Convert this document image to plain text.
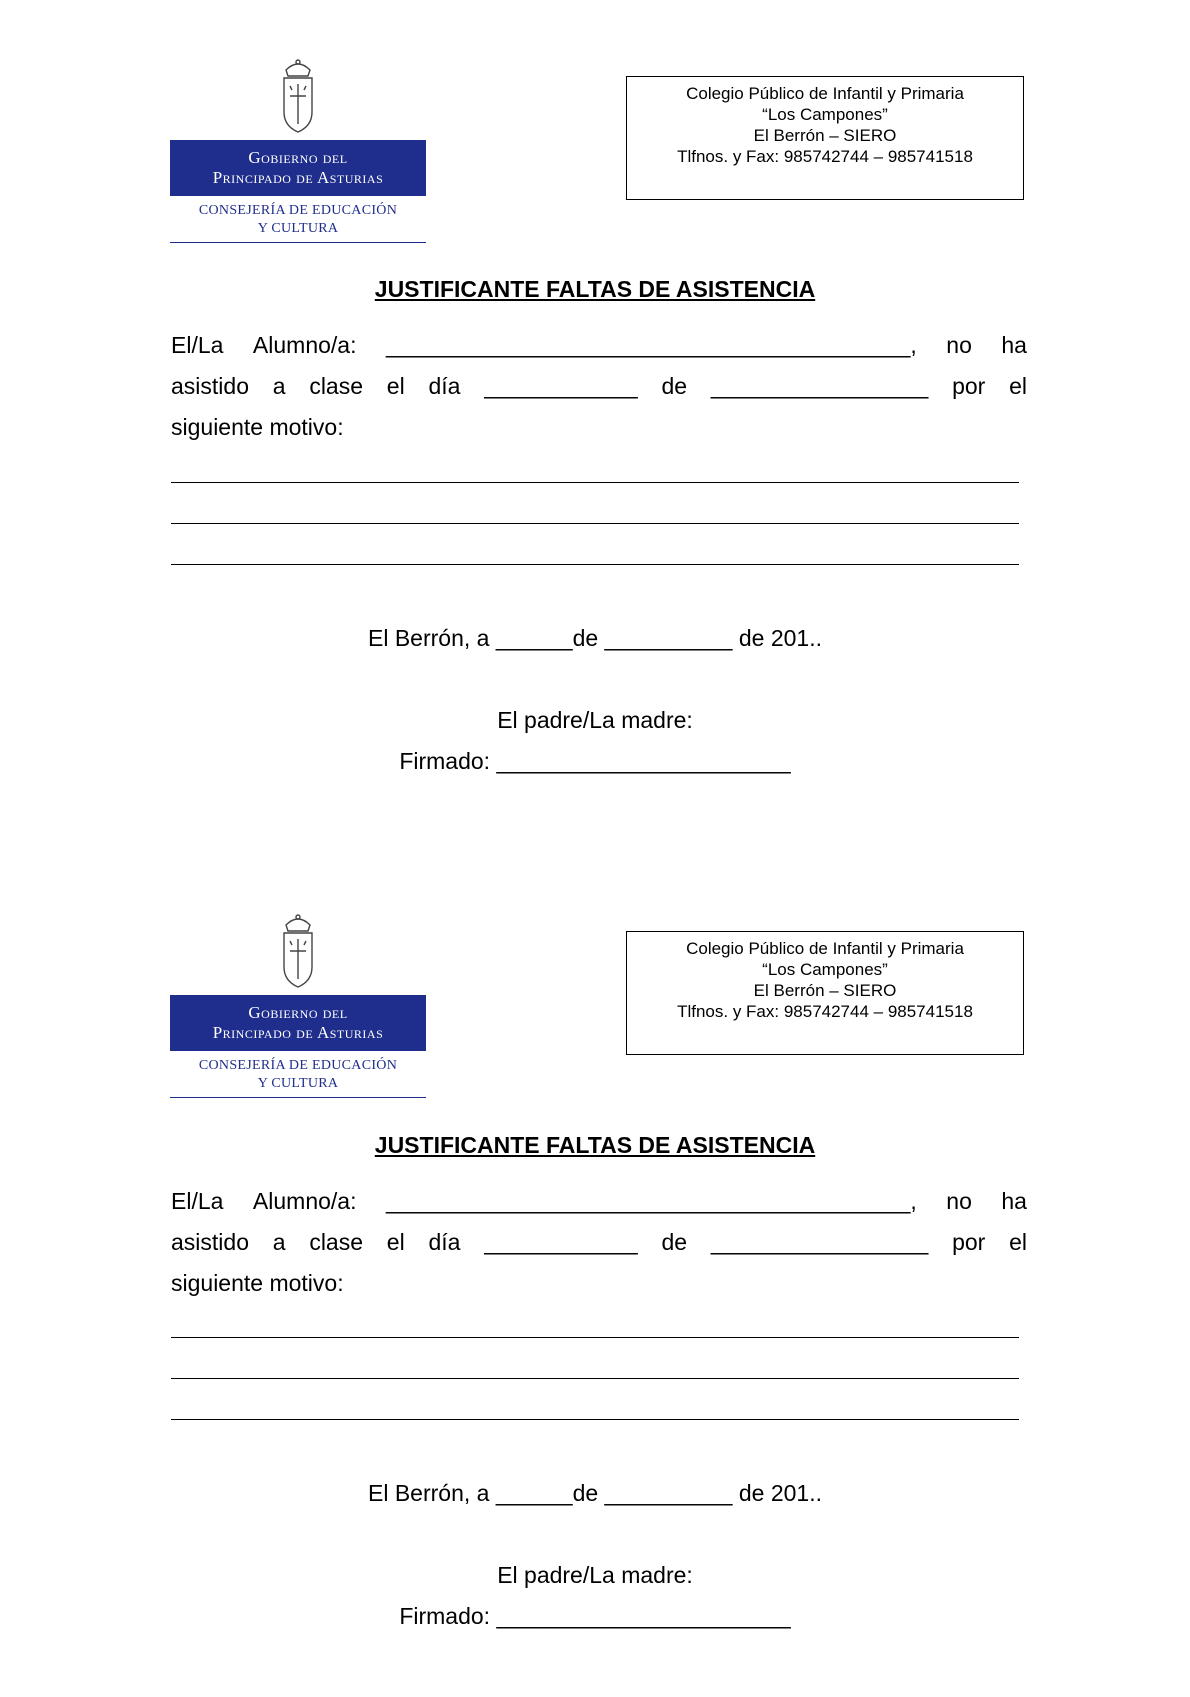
Gobierno del
Principado de Asturias
CONSEJERÍA DE EDUCACIÓN
Y CULTURA
Colegio Público de Infantil y Primaria
“Los Campones”
El Berrón – SIERO
Tlfnos. y Fax: 985742744 – 985741518
JUSTIFICANTE FALTAS DE ASISTENCIA
El/La Alumno/a: _________________________________________, no ha
asistido a clase el día ____________ de _________________ por el
siguiente motivo:
El Berrón, a ______de __________ de 201..
El padre/La madre:
Firmado: _______________________
Gobierno del
Principado de Asturias
CONSEJERÍA DE EDUCACIÓN
Y CULTURA
Colegio Público de Infantil y Primaria
“Los Campones”
El Berrón – SIERO
Tlfnos. y Fax: 985742744 – 985741518
JUSTIFICANTE FALTAS DE ASISTENCIA
El/La Alumno/a: _________________________________________, no ha
asistido a clase el día ____________ de _________________ por el
siguiente motivo:
El Berrón, a ______de __________ de 201..
El padre/La madre:
Firmado: _______________________
